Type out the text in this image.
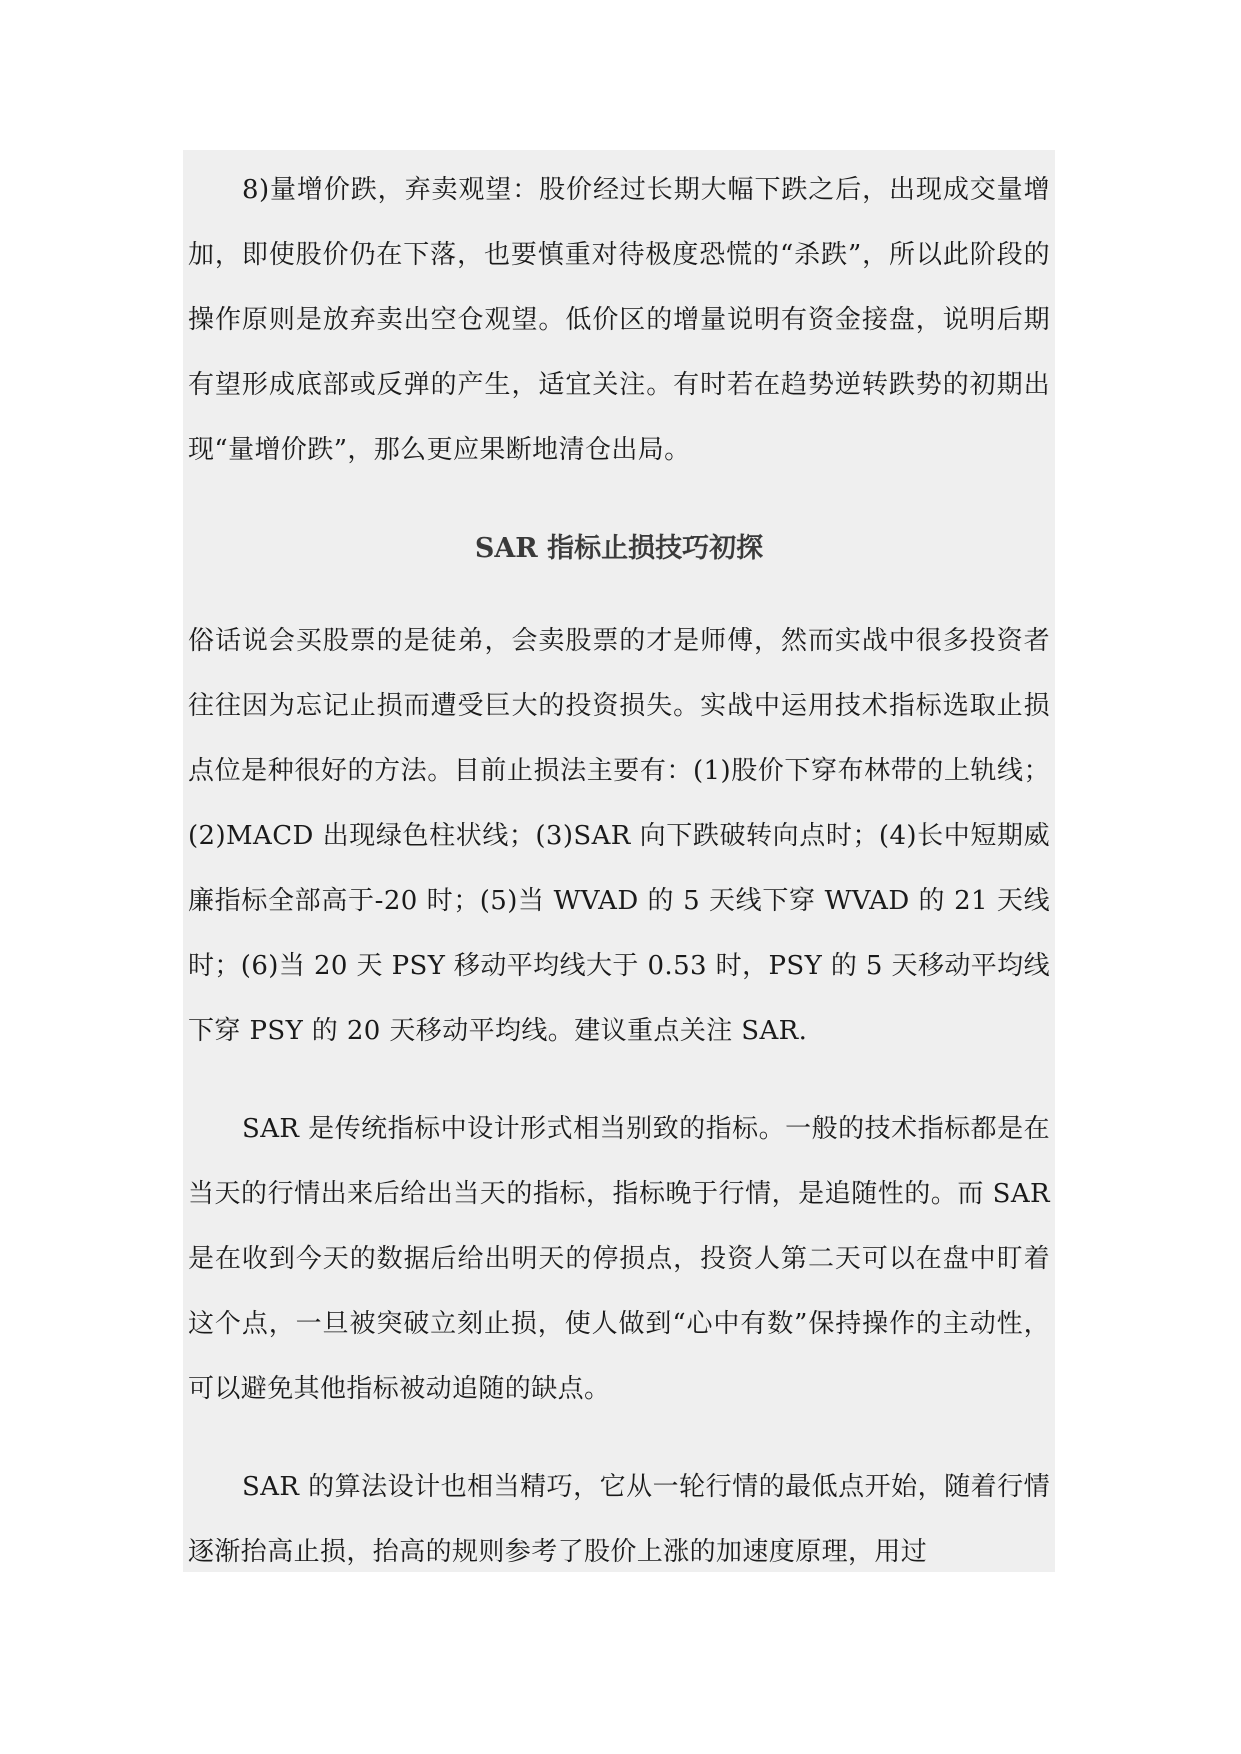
8)量增价跌，弃卖观望：股价经过长期大幅下跌之后，出现成交量增加，即使股价仍在下落，也要慎重对待极度恐慌的“杀跌”，所以此阶段的操作原则是放弃卖出空仓观望。低价区的增量说明有资金接盘，说明后期有望形成底部或反弹的产生，适宜关注。有时若在趋势逆转跌势的初期出现“量增价跌”，那么更应果断地清仓出局。

SAR 指标止损技巧初探

俗话说会买股票的是徒弟，会卖股票的才是师傅，然而实战中很多投资者往往因为忘记止损而遭受巨大的投资损失。实战中运用技术指标选取止损点位是种很好的方法。目前止损法主要有：(1)股价下穿布林带的上轨线；(2)MACD 出现绿色柱状线；(3)SAR 向下跌破转向点时；(4)长中短期威廉指标全部高于-20 时；(5)当 WVAD 的 5 天线下穿 WVAD 的 21 天线时；(6)当 20 天 PSY 移动平均线大于 0.53 时，PSY 的 5 天移动平均线下穿 PSY 的 20 天移动平均线。建议重点关注 SAR.

SAR 是传统指标中设计形式相当别致的指标。一般的技术指标都是在当天的行情出来后给出当天的指标，指标晚于行情，是追随性的。而 SAR 是在收到今天的数据后给出明天的停损点，投资人第二天可以在盘中盯着这个点，一旦被突破立刻止损，使人做到“心中有数”保持操作的主动性，可以避免其他指标被动追随的缺点。

SAR 的算法设计也相当精巧，它从一轮行情的最低点开始，随着行情逐渐抬高止损，抬高的规则参考了股价上涨的加速度原理，用过
